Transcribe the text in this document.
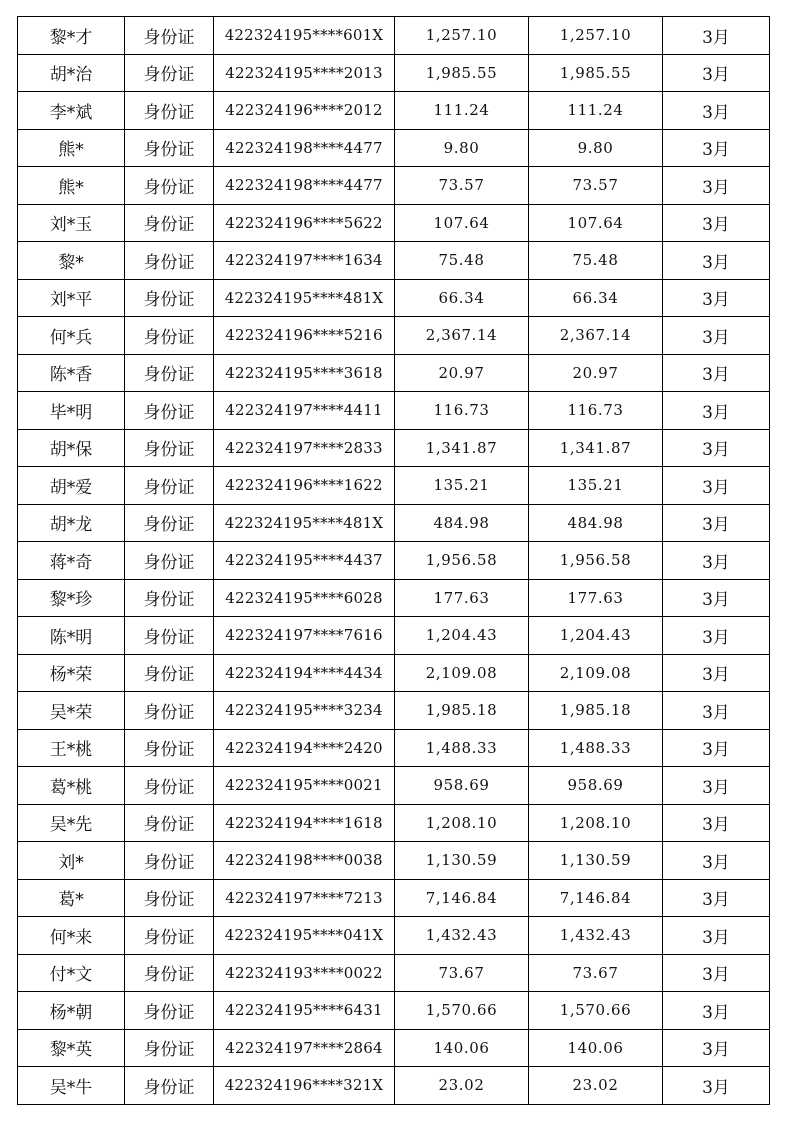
黎*才	身份证	422324195****601X	1,257.10	1,257.10	3月
胡*治	身份证	422324195****2013	1,985.55	1,985.55	3月
李*斌	身份证	422324196****2012	111.24	111.24	3月
熊*	身份证	422324198****4477	9.80	9.80	3月
熊*	身份证	422324198****4477	73.57	73.57	3月
刘*玉	身份证	422324196****5622	107.64	107.64	3月
黎*	身份证	422324197****1634	75.48	75.48	3月
刘*平	身份证	422324195****481X	66.34	66.34	3月
何*兵	身份证	422324196****5216	2,367.14	2,367.14	3月
陈*香	身份证	422324195****3618	20.97	20.97	3月
毕*明	身份证	422324197****4411	116.73	116.73	3月
胡*保	身份证	422324197****2833	1,341.87	1,341.87	3月
胡*爱	身份证	422324196****1622	135.21	135.21	3月
胡*龙	身份证	422324195****481X	484.98	484.98	3月
蒋*奇	身份证	422324195****4437	1,956.58	1,956.58	3月
黎*珍	身份证	422324195****6028	177.63	177.63	3月
陈*明	身份证	422324197****7616	1,204.43	1,204.43	3月
杨*荣	身份证	422324194****4434	2,109.08	2,109.08	3月
吴*荣	身份证	422324195****3234	1,985.18	1,985.18	3月
王*桃	身份证	422324194****2420	1,488.33	1,488.33	3月
葛*桃	身份证	422324195****0021	958.69	958.69	3月
吴*先	身份证	422324194****1618	1,208.10	1,208.10	3月
刘*	身份证	422324198****0038	1,130.59	1,130.59	3月
葛*	身份证	422324197****7213	7,146.84	7,146.84	3月
何*来	身份证	422324195****041X	1,432.43	1,432.43	3月
付*文	身份证	422324193****0022	73.67	73.67	3月
杨*朝	身份证	422324195****6431	1,570.66	1,570.66	3月
黎*英	身份证	422324197****2864	140.06	140.06	3月
吴*牛	身份证	422324196****321X	23.02	23.02	3月
